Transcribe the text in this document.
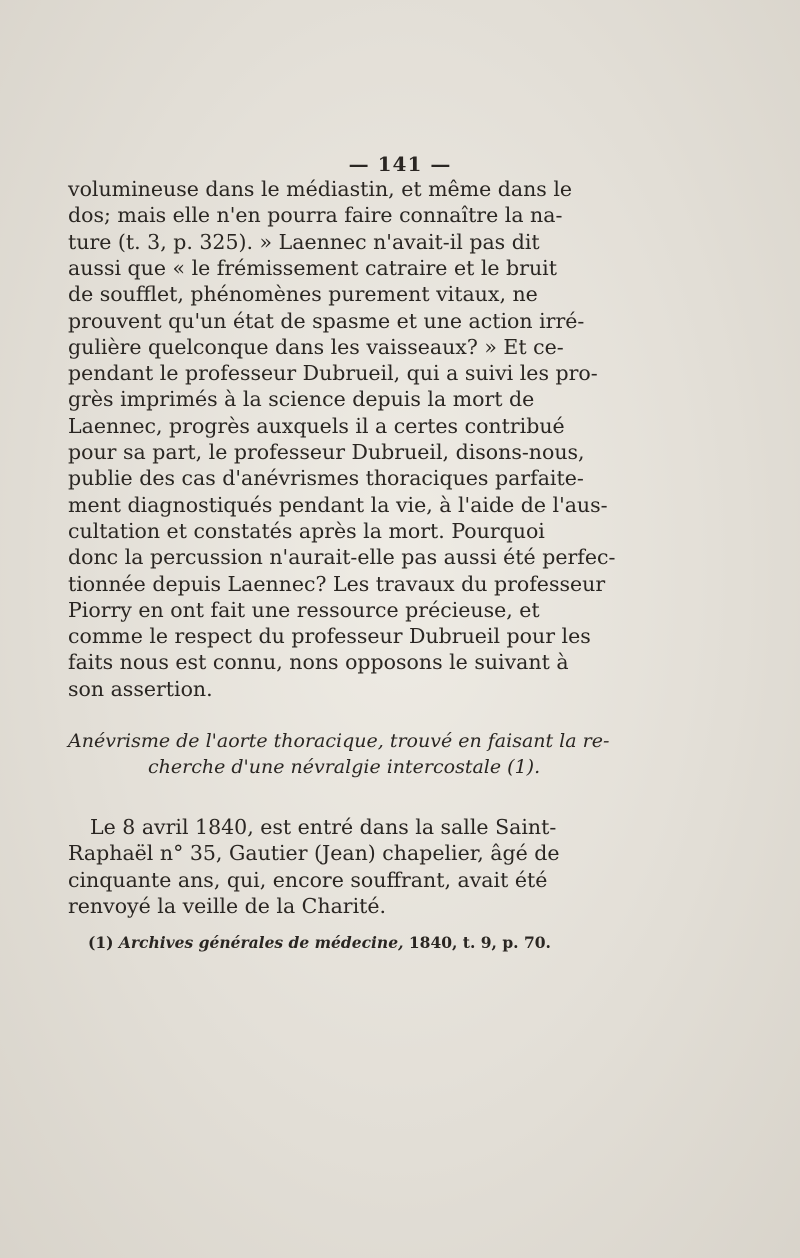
— 141 —
volumineuse dans le médiastin, et même dans le
dos; mais elle n'en pourra faire connaître la na-
ture (t. 3, p. 325). » Laennec n'avait-il pas dit
aussi que « le frémissement catraire et le bruit
de soufflet, phénomènes purement vitaux, ne
prouvent qu'un état de spasme et une action irré-
gulière quelconque dans les vaisseaux? » Et ce-
pendant le professeur Dubrueil, qui a suivi les pro-
grès imprimés à la science depuis la mort de
Laennec, progrès auxquels il a certes contribué
pour sa part, le professeur Dubrueil, disons-nous,
publie des cas d'anévrismes thoraciques parfaite-
ment diagnostiqués pendant la vie, à l'aide de l'aus-
cultation et constatés après la mort. Pourquoi
donc la percussion n'aurait-elle pas aussi été perfec-
tionnée depuis Laennec? Les travaux du professeur
Piorry en ont fait une ressource précieuse, et
comme le respect du professeur Dubrueil pour les
faits nous est connu, nons opposons le suivant à
son assertion.
Anévrisme de l'aorte thoracique, trouvé en faisant la re-
cherche d'une névralgie intercostale (1).
Le 8 avril 1840, est entré dans la salle Saint-
Raphaël n° 35, Gautier (Jean) chapelier, âgé de
cinquante ans, qui, encore souffrant, avait été
renvoyé la veille de la Charité.
(1) Archives générales de médecine, 1840, t. 9, p. 70.
